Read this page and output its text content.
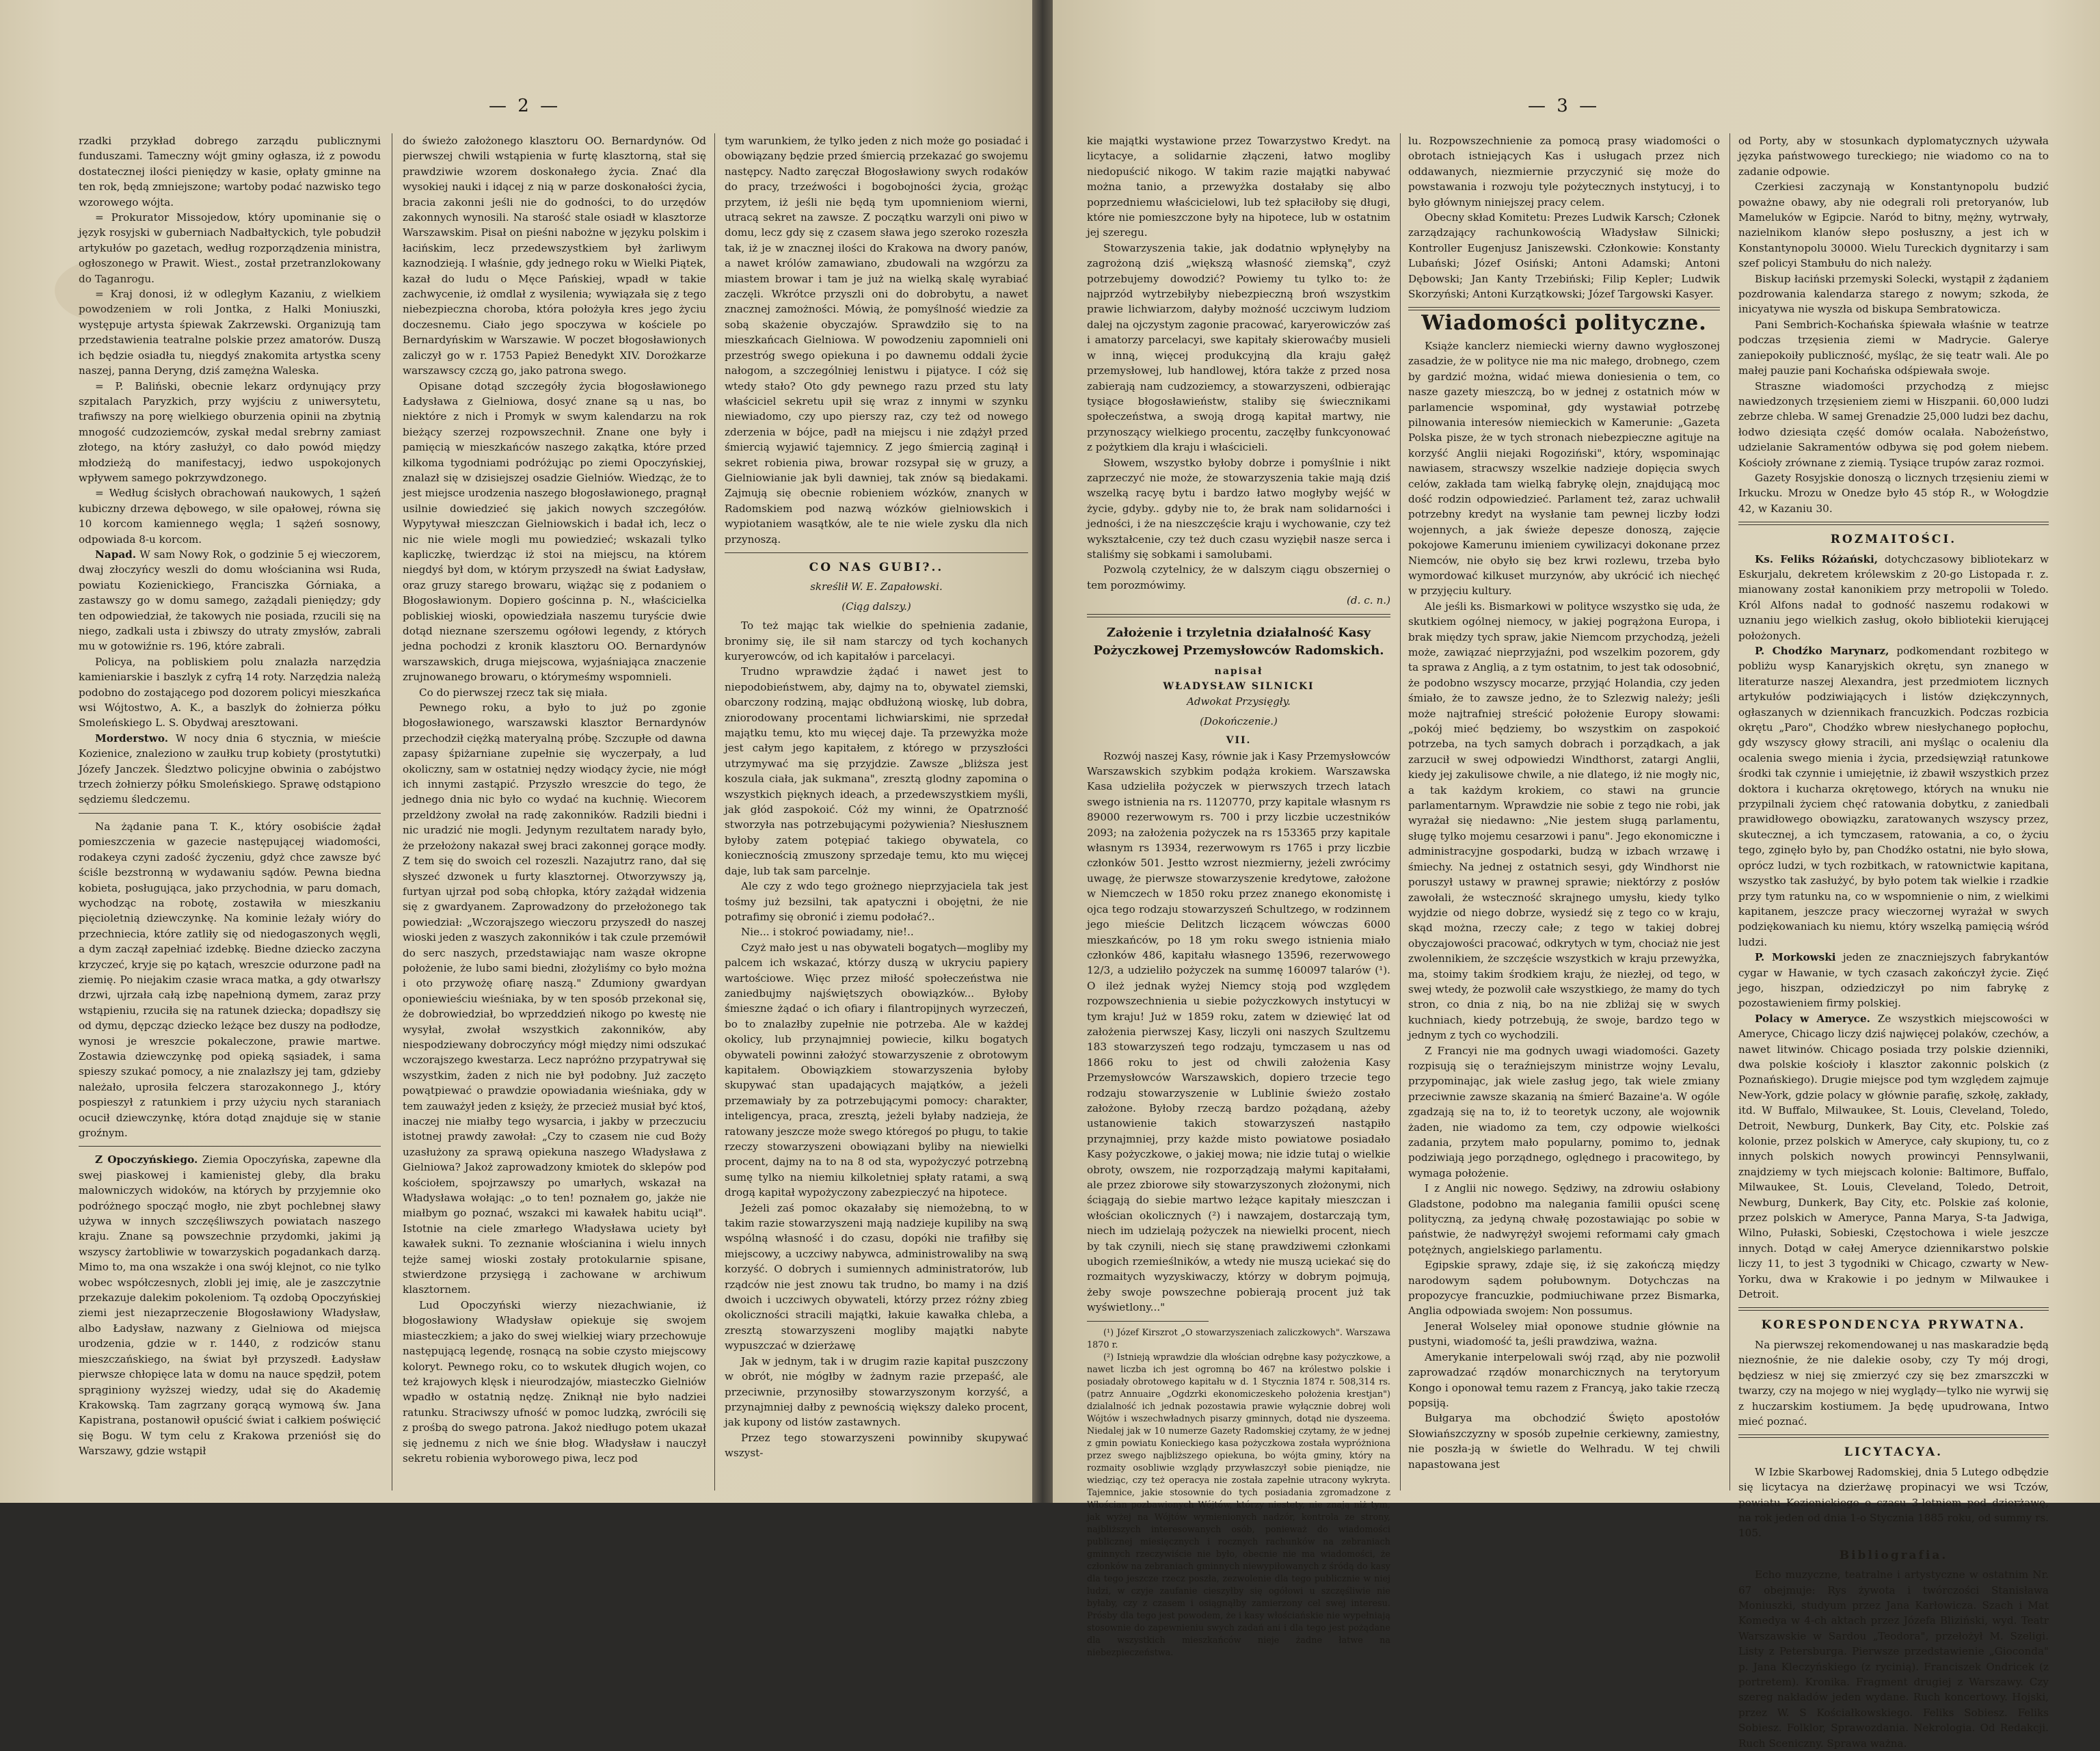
— 2 —

rzadki przykład dobrego zarządu publicznymi funduszami. Tameczny wójt gminy ogłasza, iż z powodu dostatecznej ilości pieniędzy w kasie, opłaty gminne na ten rok, będą zmniejszone; wartoby podać nazwisko tego wzorowego wójta.

= Prokurator Missojedow, który upominanie się o język rosyjski w guberniach Nadbałtyckich, tyle pobudził artykułów po gazetach, według rozporządzenia ministra, ogłoszonego w Prawit. Wiest., został przetranzlokowany do Taganrogu.

= Kraj donosi, iż w odległym Kazaniu, z wielkiem powodzeniem w roli Jontka, z Halki Moniuszki, występuje artysta śpiewak Zakrzewski. Organizują tam przedstawienia teatralne polskie przez amatorów. Duszą ich będzie osiadła tu, niegdyś znakomita artystka sceny naszej, panna Deryng, dziś zamężna Waleska.

= P. Baliński, obecnie lekarz ordynujący przy szpitalach Paryzkich, przy wyjściu z uniwersytetu, trafiwszy na porę wielkiego oburzenia opinii na zbytnią mnogość cudzoziemców, zyskał medal srebrny zamiast złotego, na który zasłużył, co dało powód między młodzieżą do manifestacyj, iedwo uspokojonych wpływem samego pokrzywdzonego.

= Według ścisłych obrachowań naukowych, 1 sążeń kubiczny drzewa dębowego, w sile opałowej, równa się 10 korcom kamiennego węgla; 1 sążeń sosnowy, odpowiada 8-u korcom.

Napad. W sam Nowy Rok, o godzinie 5 ej wieczorem, dwaj złoczyńcy weszli do domu włościanina wsi Ruda, powiatu Kozienickiego, Franciszka Górniaka, a zastawszy go w domu samego, zażądali pieniędzy; gdy ten odpowiedział, że takowych nie posiada, rzucili się na niego, zadkali usta i zbiwszy do utraty zmysłów, zabrali mu w gotowiźnie rs. 196, które zabrali.

Policya, na pobliskiem polu znalazła narzędzia kamieniarskie i baszlyk z cyfrą 14 roty. Narzędzia należą podobno do zostającego pod dozorem policyi mieszkańca wsi Wójtostwo, A. K., a baszlyk do żołnierza półku Smoleńskiego L. S. Obydwaj aresztowani.

Morderstwo. W nocy dnia 6 stycznia, w mieście Kozienice, znaleziono w zaułku trup kobiety (prostytutki) Józefy Janczek. Śledztwo policyjne obwinia o zabójstwo trzech żołnierzy półku Smoleńskiego. Sprawę odstąpiono sędziemu śledczemu.

Na żądanie pana T. K., który osobiście żądał pomieszczenia w gazecie następującej wiadomości, rodakeya czyni zadość życzeniu, gdyż chce zawsze być ściśle bezstronną w wydawaniu sądów. Pewna biedna kobieta, posługująca, jako przychodnia, w paru domach, wychodząc na robotę, zostawiła w mieszkaniu pięcioletnią dziewczynkę. Na kominie leżały wióry do przechniecia, które zatliły się od niedogaszonych węgli, a dym zaczął zapełniać izdebkę. Biedne dziecko zaczyna krzyczeć, kryje się po kątach, wreszcie odurzone padł na ziemię. Po niejakim czasie wraca matka, a gdy otwarłszy drzwi, ujrzała całą izbę napełnioną dymem, zaraz przy wstąpieniu, rzuciła się na ratunek dziecka; dopadłszy się od dymu, dępcząc dziecko leżące bez duszy na podłodze, wynosi je wreszcie pokaleczone, prawie martwe. Zostawia dziewczynkę pod opieką sąsiadek, i sama spieszy szukać pomocy, a nie znalazłszy jej tam, gdzieby należało, uprosiła felczera starozakonnego J., który pospieszył z ratunkiem i przy użyciu nych staraniach ocucił dziewczynkę, która dotąd znajduje się w stanie groźnym.

Z Opoczyńskiego. Ziemia Opoczyńska, zapewne dla swej piaskowej i kamienistej gleby, dla braku malowniczych widoków, na których by przyjemnie oko podróżnego spocząć mogło, nie zbyt pochlebnej sławy używa w innych szczęśliwszych powiatach naszego kraju. Znane są powszechnie przydomki, jakimi ją wszyscy żartobliwie w towarzyskich pogadankach darzą. Mimo to, ma ona wszakże i ona swój klejnot, co nie tylko wobec współczesnych, zlobli jej imię, ale je zaszczytnie przekazuje dalekim pokoleniom. Tą ozdobą Opoczyńskiej ziemi jest niezaprzeczenie Błogosławiony Władysław, albo Ładysław, nazwany z Gielniowa od miejsca urodzenia, gdzie w r. 1440, z rodziców stanu mieszczańskiego, na świat był przyszedł. Ładysław pierwsze chłopięce lata w domu na nauce spędził, potem sprąginiony wyższej wiedzy, udał się do Akademię Krakowską. Tam zagrzany gorącą wymową św. Jana Kapistrana, postanowił opuścić świat i całkiem poświęcić się Bogu. W tym celu z Krakowa przeniósł się do Warszawy, gdzie wstąpił

do świeżo założonego klasztoru OO. Bernardynów. Od pierwszej chwili wstąpienia w furtę klasztorną, stał się prawdziwie wzorem doskonałego życia. Znać dla wysokiej nauki i idącej z nią w parze doskonałości życia, bracia zakonni jeśli nie do godności, to do urzędów zakonnych wynosili. Na starość stale osiadł w klasztorze Warszawskim. Pisał on pieśni nabożne w języku polskim i łacińskim, lecz przedewszystkiem był żarliwym kaznodzieją. I właśnie, gdy jednego roku w Wielki Piątek, kazał do ludu o Męce Pańskiej, wpadł w takie zachwycenie, iż omdlał z wysilenia; wywiązała się z tego niebezpieczna choroba, która położyła kres jego życiu doczesnemu. Ciało jego spoczywa w kościele po Bernardyńskim w Warszawie. W poczet błogosławionych zaliczył go w r. 1753 Papież Benedykt XIV. Dorożkarze warszawscy czczą go, jako patrona swego.

Opisane dotąd szczegóły życia błogosławionego Ładysława z Gielniowa, dosyć znane są u nas, bo niektóre z nich i Promyk w swym kalendarzu na rok bieżący szerzej rozpowszechnił. Znane one były i pamięcią w mieszkańców naszego zakątka, które przed kilkoma tygodniami podróżując po ziemi Opoczyńskiej, znalazł się w dzisiejszej osadzie Gielniów. Wiedząc, że to jest miejsce urodzenia naszego błogosławionego, pragnął usilnie dowiedzieć się jakich nowych szczegółów. Wypytywał mieszczan Gielniowskich i badał ich, lecz o nic nie wiele mogli mu powiedzieć; wskazali tylko kapliczkę, twierdząc iż stoi na miejscu, na którem niegdyś był dom, w którym przyszedł na świat Ładysław, oraz gruzy starego browaru, wiążąc się z podaniem o Błogosławionym. Dopiero gościnna p. N., właścicielka pobliskiej wioski, opowiedziała naszemu turyście dwie dotąd nieznane szerszemu ogółowi legendy, z których jedna pochodzi z kronik klasztoru OO. Bernardynów warszawskich, druga miejscowa, wyjaśniająca znaczenie zrujnowanego browaru, o którymeśmy wspomnieli.

Co do pierwszej rzecz tak się miała.

Pewnego roku, a było to już po zgonie błogosławionego, warszawski klasztor Bernardynów przechodził ciężką materyalną próbę. Szczupłe od dawna zapasy śpiżarniane zupełnie się wyczerpały, a lud okoliczny, sam w ostatniej nędzy wiodący życie, nie mógł ich innymi zastąpić. Przyszło wreszcie do tego, że jednego dnia nic było co wydać na kuchnię. Wiecorem przeldżony zwołał na radę zakonników. Radzili biedni i nic uradzić nie mogli. Jedynym rezultatem narady było, że przełożony nakazał swej braci zakonnej gorące modły. Z tem się do swoich cel rozeszli. Nazajutrz rano, dał się słyszeć dzwonek u furty klasztornej. Otworzywszy ją, furtyan ujrzał pod sobą chłopka, który zażądał widzenia się z gwardyanem. Zaprowadzony do przełożonego tak powiedział: „Wczorajszego wieczoru przyszedł do naszej wioski jeden z waszych zakonników i tak czule przemówił do serc naszych, przedstawiając nam wasze okropne położenie, że lubo sami biedni, złożyliśmy co było można i oto przywożę ofiarę naszą." Zdumiony gwardyan oponiewieściu wieśniaka, by w ten sposób przekonał się, że dobrowiedział, bo wprzeddzień nikogo po kwestę nie wysyłał, zwołał wszystkich zakonników, aby niespodziewany dobroczyńcy mógł między nimi odszukać wczorajszego kwestarza. Lecz napróżno przypatrywał się wszystkim, żaden z nich nie był podobny. Już zaczęto powątpiewać o prawdzie opowiadania wieśniaka, gdy w tem zauważył jeden z księży, że przecież musiał być ktoś, inaczej nie miałby tego wysarcia, i jakby w przeczuciu istotnej prawdy zawołał: „Czy to czasem nie cud Boży uzasłużony za sprawą opiekuna naszego Władysława z Gielniowa? Jakoż zaprowadzony kmiotek do sklepów pod kościołem, spojrzawszy po umarłych, wskazał na Władysława wołając: „o to ten! poznałem go, jakże nie miałbym go poznać, wszakci mi kawałek habitu uciął". Istotnie na ciele zmarłego Władysława uciety był kawałek sukni. To zeznanie włościanina i wielu innych tejże samej wioski zostały protokularnie spisane, stwierdzone przysięgą i zachowane w archiwum klasztornem.

Lud Opoczyński wierzy niezachwianie, iż błogosławiony Władysław opiekuje się swojem miasteczkiem; a jako do swej wielkiej wiary przechowuje następującą legendę, rosnącą na sobie czysto miejscowy koloryt. Pewnego roku, co to wskutek długich wojen, co też krajowych klęsk i nieurodzajów, miasteczko Gielniów wpadło w ostatnią nędzę. Zniknął nie było nadziei ratunku. Straciwszy ufność w pomoc ludzką, zwrócili się z prośbą do swego patrona. Jakoż niedługo potem ukazał się jednemu z nich we śnie błog. Władysław i nauczył sekretu robienia wyborowego piwa, lecz pod

tym warunkiem, że tylko jeden z nich może go posiadać i obowiązany będzie przed śmiercią przekazać go swojemu następcy. Nadto zaręczał Błogosławiony swych rodaków do pracy, trzeźwości i bogobojności życia, grożąc przytem, iż jeśli nie będą tym upomnieniom wierni, utracą sekret na zawsze. Z początku warzyli oni piwo w domu, lecz gdy się z czasem sława jego szeroko rozeszła tak, iż je w znacznej ilości do Krakowa na dwory panów, a nawet królów zamawiano, zbudowali na wzgórzu za miastem browar i tam je już na wielką skalę wyrabiać zaczęli. Wkrótce przyszli oni do dobrobytu, a nawet znacznej zamożności. Mówią, że pomyślność wiedzie za sobą skażenie obyczajów. Sprawdziło się to na mieszkańcach Gielniowa. W powodzeniu zapomnieli oni przestróg swego opiekuna i po dawnemu oddali życie nałogom, a szczególniej lenistwu i pijatyce. I cóż się wtedy stało? Oto gdy pewnego razu przed stu laty właściciel sekretu upił się wraz z innymi w szynku niewiadomo, czy upo pierszy raz, czy też od nowego zderzenia w bójce, padł na miejscu i nie zdążył przed śmiercią wyjawić tajemnicy. Z jego śmiercią zaginął i sekret robienia piwa, browar rozsypał się w gruzy, a Gielniowianie jak byli dawniej, tak znów są biedakami. Zajmują się obecnie robieniem wózków, znanych w Radomskiem pod nazwą wózków gielniowskich i wypiotaniem wasątków, ale te nie wiele zysku dla nich przynoszą.

CO NAS GUBI?..
skreślił W. E. Zapałowski.
(Ciąg dalszy.)

To też mając tak wielkie do spełnienia zadanie, bronimy się, ile sił nam starczy od tych kochanych kuryerowców, od ich kapitałów i parcelacyi.

Trudno wprawdzie żądać i nawet jest to niepodobieństwem, aby, dajmy na to, obywatel ziemski, obarczony rodziną, mając obdłużoną wioskę, lub dobra, zniorodowany procentami lichwiarskimi, nie sprzedał majątku temu, kto mu więcej daje. Ta przewyżka może jest całym jego kapitałem, z którego w przyszłości utrzymywać ma się przyjdzie. Zawsze „bliższa jest koszula ciała, jak sukmana", zresztą glodny zapomina o wszystkich pięknych ideach, a przedewszystkiem myśli, jak głód zaspokoić. Cóż my winni, że Opatrzność stworzyła nas potrzebującymi pożywienia? Niesłusznem byłoby zatem potępiać takiego obywatela, co koniecznością zmuszony sprzedaje temu, kto mu więcej daje, lub tak sam parcelnje.

Ale czy z wdo tego grożnego nieprzyjaciela tak jest tośmy już bezsilni, tak apatyczni i obojętni, że nie potrafimy się obronić i ziemu podołać?..

Nie... i stokroć powiadamy, nie!..

Czyż mało jest u nas obywateli bogatych—mogliby my palcem ich wskazać, którzy duszą w ukryciu papiery wartościowe. Więc przez miłość społeczeństwa nie zaniedbujmy najświętszych obowiązków... Byłoby śmieszne żądać o ich ofiary i filantropijnych wyrzeczeń, bo to znalazłby zupełnie nie potrzeba. Ale w każdej okolicy, lub przynajmniej powiecie, kilku bogatych obywateli powinni założyć stowarzyszenie z obrotowym kapitałem. Obowiązkiem stowarzyszenia byłoby skupywać stan upadających majątków, a jeżeli przemawiały by za potrzebującymi pomocy: charakter, inteligencya, praca, zresztą, jeżeli byłaby nadzieja, że ratowany jeszcze może swego któregoś po pługu, to takie rzeczy stowarzyszeni obowiązani byliby na niewielki procent, dajmy na to na 8 od sta, wypożyczyć potrzebną sumę tylko na niemiu kilkoletniej spłaty ratami, a swą drogą kapitał wypożyczony zabezpieczyć na hipotece.

Jeżeli zaś pomoc okazałaby się niemożebną, to w takim razie stowarzyszeni mają nadzieje kupiliby na swą wspólną własność i do czasu, dopóki nie trafiłby się miejscowy, a uczciwy nabywca, administrowaliby na swą korzyść. O dobrych i sumiennych administratorów, lub rządców nie jest znowu tak trudno, bo mamy i na dziś dwoich i uczciwych obywateli, którzy przez różny zbieg okoliczności stracili majątki, łakuie kawałka chleba, a zresztą stowarzyszeni mogliby majątki nabyte wypuszczać w dzierżawę

Jak w jednym, tak i w drugim razie kapitał puszczony w obrót, nie mógłby w żadnym razie przepaść, ale przeciwnie, przynosiłby stowarzyszonym korzyść, a przynajmniej dałby z pewnością większy daleko procent, jak kupony od listów zastawnych.

Przez tego stowarzyszeni powinniby skupywać wszyst-

— 3 —

kie majątki wystawione przez Towarzystwo Kredyt. na licytacye, a solidarnie złączeni, łatwo mogliby niedopuścić nikogo. W takim razie majątki nabywać można tanio, a przewyżka dostałaby się albo poprzedniemu właścicielowi, lub też spłaciłoby się długi, które nie pomieszczone były na hipotece, lub w ostatnim jej szeregu.

Stowarzyszenia takie, jak dodatnio wpłynęłyby na zagrożoną dziś „większą własność ziemską", czyż potrzebujemy dowodzić? Powiemy tu tylko to: że najprzód wytrzebiłyby niebezpieczną broń wszystkim prawie lichwiarzom, dałyby możność uczciwym ludziom dalej na ojczystym zagonie pracować, karyerowiczów zaś i amatorzy parcelacyi, swe kapitały skierowaćby musieli w inną, więcej produkcyjną dla kraju gałęż przemysłowej, lub handlowej, która także z przed nosa zabierają nam cudzoziemcy, a stowarzyszeni, odbierając tysiące błogosławieństw, staliby się świecznikami społeczeństwa, a swoją drogą kapitał martwy, nie przynoszący wielkiego procentu, zaczęłby funkcyonować z pożytkiem dla kraju i właścicieli.

Słowem, wszystko byłoby dobrze i pomyślnie i nikt zaprzeczyć nie może, że stowarzyszenia takie mają dziś wszelką racyę bytu i bardzo łatwo mogłyby wejść w życie, gdyby.. gdyby nie to, że brak nam solidarności i jedności, i że na nieszczęście kraju i wychowanie, czy też wykształcenie, czy też duch czasu wyziębił nasze serca i staliśmy się sobkami i samolubami.

Pozwolą czytelnicy, że w dalszym ciągu obszerniej o tem porozmówimy.

(d. c. n.)
Założenie i trzyletnia działalność Kasy Pożyczkowej Przemysłowców Radomskich.
napisał
WŁADYSŁAW SILNICKI
Adwokat Przysięgły.
(Dokończenie.)
VII.

Rozwój naszej Kasy, równie jak i Kasy Przemysłowców Warszawskich szybkim podąża krokiem. Warszawska Kasa udzieliła pożyczek w pierwszych trzech latach swego istnienia na rs. 1120770, przy kapitale własnym rs 89000 rezerwowym rs. 700 i przy liczbie uczestników 2093; na założenia pożyczek na rs 153365 przy kapitale własnym rs 13934, rezerwowym rs 1765 i przy liczbie członków 501. Jestto wzrost niezmierny, jeżeli zwrócimy uwagę, że pierwsze stowarzyszenie kredytowe, założone w Niemczech w 1850 roku przez znanego ekonomistę i ojca tego rodzaju stowarzyszeń Schultzego, w rodzinnem jego mieście Delitzch liczącem wówczas 6000 mieszkańców, po 18 ym roku swego istnienia miało członków 486, kapitału własnego 13596, rezerwowego 12/3, a udzieliło pożyczek na summę 160097 talarów (¹). O ileż jednak wyżej Niemcy stoją pod względem rozpowszechnienia u siebie pożyczkowych instytucyi w tym kraju! Już w 1859 roku, zatem w dziewięć lat od założenia pierwszej Kasy, liczyli oni naszych Szultzemu 183 stowarzyszeń tego rodzaju, tymczasem u nas od 1866 roku to jest od chwili założenia Kasy Przemysłowców Warszawskich, dopiero trzecie tego rodzaju stowarzyszenie w Lublinie świeżo zostało założone. Byłoby rzeczą bardzo pożądaną, ażeby ustanowienie takich stowarzyszeń nastąpiło przynajmniej, przy każde misto powiatowe posiadało Kasy pożyczkowe, o jakiej mowa; nie idzie tutaj o wielkie obroty, owszem, nie rozporządzają małymi kapitałami, ale przez zbiorowe siły stowarzyszonych złożonymi, nich ściągają do siebie martwo leżące kapitały mieszczan i włościan okolicznych (²) i nawzajem, dostarczają tym, niech im udzielają pożyczek na niewielki procent, niech by tak czynili, niech się stanę prawdziwemi członkami ubogich rzemieślników, a wtedy nie muszą uciekać się do rozmaitych wyzyskiwaczy, którzy w dobrym pojmują, żeby swoje powszechne pobierają procent już tak wyświetlony..."

(¹) Józef Kirszrot „O stowarzyszeniach zaliczkowych". Warszawa 1870 r.

(²) Istnieją wprawdzie dla włościan odrębne kasy pożyczkowe, a nawet liczba ich jest ogromną bo 467 na królestwo polskie i posiadały obrotowego kapitału w d. 1 Stycznia 1874 r. 508,314 rs. (patrz Annuaire „Ogdzrki ekonomiczeskeho położenia krestjan") dzialalność ich jednak pozostawia prawie wyłącznie dobrej woli Wójtów i wszechwładnych pisarzy gminnych, dotąd nie dyszeema. Niedalej jak w 10 numerze Gazety Radomskiej czytamy, że w jednej z gmin powiatu Konieckiego kasa pożyczkowa została wypróżniona przez swego najbliższego opiekuna, bo wójta gminy, który na rozmaity osobliwie wzglądy przywłaszczył sobie pieniądze, nie wiedziąc, czy też operacya nie została zapełnie utracony wykryta. Tajemnice, jakie stosownie do tych posiadania zgromadzone z Włościan pozbawionych Wójtów, którzy niestety, nie znają niż tym, jak wyżej na Wójtów wymienionych nadzór, kontrola ze strony, najbliższych interesowanych osób, ponieważ do wiadomości publicznej miesięcznych i rocznych rachunków na zebraniach gminnych rzeczywiście nie było, obecnie nie ma wiadomości, że członków na zebraniach gminnych niewypiłowanych z śródą do kasy dla tego jeszcze rzecz poszła, zezwolenie dla tego publicznie w niej ludzi, w czyje zaufanie cieszyłby się ogółowi u szczęśliwie nie byłaby, czy z czasem i osiągnąłby zamierzony cel swej interesu. Prósby dla tego jest powodem, że i kasy włościańskie nie wypełniają stosownie do zapewnieniu swych zadań ani i dla tego jest pożądane dla wszystkich mieszkańców nieje żadne łatwe na niebezpieczeństwa.

lu. Rozpowszechnienie za pomocą prasy wiadomości o obrotach istniejących Kas i usługach przez nich oddawanych, niezmiernie przyczynić się może do powstawania i rozwoju tyle pożytecznych instytucyj, i to było głównym niniejszej pracy celem.

Obecny skład Komitetu: Prezes Ludwik Karsch; Członek zarządzający rachunkowością Władysław Silnicki; Kontroller Eugenjusz Janiszewski. Członkowie: Konstanty Lubański; Józef Osiński; Antoni Adamski; Antoni Dębowski; Jan Kanty Trzebiński; Filip Kepler; Ludwik Skorzyński; Antoni Kurzątkowski; Józef Targowski Kasyer.

Wiadomości polityczne.

Książe kanclerz niemiecki wierny dawno wygłoszonej zasadzie, że w polityce nie ma nic małego, drobnego, czem by gardzić można, widać miewa doniesienia o tem, co nasze gazety mieszczą, bo w jednej z ostatnich mów w parlamencie wspominał, gdy wystawiał potrzebę pilnowania interesów niemieckich w Kamerunie: „Gazeta Polska pisze, że w tych stronach niebezpieczne agituje na korzyść Anglii niejaki Rogoziński", który, wspominając nawiasem, stracwszy wszelkie nadzieje dopięcia swych celów, zakłada tam wielką fabrykę olejn, znajdującą moc dość rodzin odpowiedzieć. Parlament też, zaraz uchwalił potrzebny kredyt na wysłanie tam pewnej liczby łodzi wojennych, a jak świeże depesze donoszą, zajęcie pokojowe Kamerunu imieniem cywilizacyi dokonane przez Niemców, nie obyło się bez krwi rozlewu, trzeba było wymordować kilkuset murzynów, aby ukrócić ich niechęć w przyjęciu kultury.

Ale jeśli ks. Bismarkowi w polityce wszystko się uda, że skutkiem ogólnej niemocy, w jakiej pogrążona Europa, i brak między tych spraw, jakie Niemcom przychodzą, jeżeli może, zawiązać nieprzyjaźni, pod wszelkim pozorem, gdy ta sprawa z Anglią, a z tym ostatnim, to jest tak odosobnić, że podobno wszyscy mocarze, przyjąć Holandia, czy jeden śmiało, że to zawsze jedno, że to Szlezwig należy; jeśli może najtrafniej streścić położenie Europy słowami: „pokój mieć będziemy, bo wszystkim on zaspokoić potrzeba, na tych samych dobrach i porządkach, a jak zarzucił w swej odpowiedzi Windthorst, zatargi Anglii, kiedy jej zakulisowe chwile, a nie dlatego, iż nie mogły nic, a tak każdym krokiem, co stawi na gruncie parlamentarnym. Wprawdzie nie sobie z tego nie robi, jak wyrażał się niedawno: „Nie jestem sługą parlamentu, sługę tylko mojemu cesarzowi i panu". Jego ekonomiczne i administracyjne gospodarki, budzą w izbach wrzawę i śmiechy. Na jednej z ostatnich sesyi, gdy Windhorst nie poruszył ustawy w prawnej sprawie; niektórzy z posłów zawołali, że wsteczność skrajnego umysłu, kiedy tylko wyjdzie od niego dobrze, wysiedź się z tego co w kraju, skąd można, rzeczy całe; z tego w takiej dobrej obyczajowości pracować, odkrytych w tym, chociaż nie jest zwolennikiem, że szczęście wszystkich w kraju przewyżka, ma, stoimy takim środkiem kraju, że niezłej, od tego, w swej wtedy, że pozwolił całe wszystkiego, że mamy do tych stron, co dnia z nią, bo na nie zbliżaj się w swych kuchniach, kiedy potrzebują, że swoje, bardzo tego w jednym z tych co wychodzili.

Z Francyi nie ma godnych uwagi wiadomości. Gazety rozpisują się o teraźniejszym ministrze wojny Levalu, przypominając, jak wiele zasług jego, tak wiele zmiany przeciwnie zawsze skazanią na śmierć Bazaine'a. W ogóle zgadzają się na to, iż to teoretyk uczony, ale wojownik żaden, nie wiadomo za tem, czy odpowie wielkości zadania, przytem mało popularny, pomimo to, jednak podziwiają jego porządnego, oględnego i pracowitego, by wymaga położenie.

I z Anglii nic nowego. Sędziwy, na zdrowiu osłabiony Gladstone, podobno ma nalegania familii opuści scenę polityczną, za jedyną chwałę pozostawiając po sobie w państwie, że nadwyrężył swojemi reformami cały gmach potężnych, angielskiego parlamentu.

Egipskie sprawy, zdaje się, iż się zakończą między narodowym sądem połubownym. Dotychczas na propozycye francuzkie, podmiuchiwane przez Bismarka, Anglia odpowiada swojem: Non possumus.

Jenerał Wolseley miał oponowe studnie głównie na pustyni, wiadomość ta, jeśli prawdziwa, ważna.

Amerykanie interpelowali swój rząd, aby nie pozwolił zaprowadzać rządów monarchicznych na terytoryum Kongo i oponował temu razem z Francyą, jako takie rzeczą popsiją.

Bułgarya ma obchodzić Święto apostołów Słowiańszczyzny w sposób zupełnie cerkiewny, zamiestny, nie poszła-ją w świetle do Welhradu. W tej chwili napastowana jest

od Porty, aby w stosunkach dyplomatycznych używała języka państwowego tureckiego; nie wiadomo co na to zadanie odpowie.

Czerkiesi zaczynają w Konstantynopolu budzić poważne obawy, aby nie odegrali roli pretoryanów, lub Mameluków w Egipcie. Naród to bitny, mężny, wytrwały, nazielnikom klanów słepo posłuszny, a jest ich w Konstantynopolu 30000. Wielu Tureckich dygnitarzy i sam szef policyi Stambułu do nich należy.

Biskup łaciński przemyski Solecki, wystąpił z żądaniem pozdrowania kalendarza starego z nowym; szkoda, że inicyatywa nie wyszła od biskupa Sembratowicza.

Pani Sembrich-Kochańska śpiewała właśnie w teatrze podczas trzęsienia ziemi w Madrycie. Galerye zaniepokoiły publiczność, myśląc, że się teatr wali. Ale po małej pauzie pani Kochańska odśpiewała swoje.

Straszne wiadomości przychodzą z miejsc nawiedzonych trzęsieniem ziemi w Hiszpanii. 60,000 ludzi zebrze chleba. W samej Grenadzie 25,000 ludzi bez dachu, łodwo dziesiąta część domów ocalała. Nabożeństwo, udzielanie Sakramentów odbywa się pod gołem niebem. Kościoły zrównane z ziemią. Tysiące trupów zaraz rozmoi.

Gazety Rosyjskie donoszą o licznych trzęsieniu ziemi w Irkucku. Mrozu w Onedze było 45 stóp R., w Wołogdzie 42, w Kazaniu 30.

ROZMAITOŚCI.

Ks. Feliks Różański, dotychczasowy bibliotekarz w Eskurjalu, dekretem królewskim z 20-go Listopada r. z. mianowany został kanonikiem przy metropolii w Toledo. Król Alfons nadał to godność naszemu rodakowi w uznaniu jego wielkich zasług, około bibliotekii kierującej położonych.

P. Chodźko Marynarz, podkomendant rozbitego w pobliżu wysp Kanaryjskich okrętu, syn znanego w literaturze naszej Alexandra, jest przedmiotem licznych artykułów podziwiających i listów dziękczynnych, ogłaszanych w dziennikach francuzkich. Podczas rozbicia okrętu „Paro", Chodźko wbrew niesłychanego popłochu, gdy wszyscy głowy stracili, ani myśląc o ocaleniu dla ocalenia swego mienia i życia, przedsięwziął ratunkowe środki tak czynnie i umiejętnie, iż zbawił wszystkich przez doktora i kucharza okrętowego, których na wnuku nie przypilnali życiem chęć ratowania dobytku, z zaniedbali prawidłowego obowiązku, zaratowanych wszyscy przez, skutecznej, a ich tymczasem, ratowania, a co, o życiu tego, zginęło było by, pan Chodźko ostatni, nie było słowa, oprócz ludzi, w tych rozbitkach, w ratownictwie kapitana, wszystko tak zasłużyć, by było potem tak wielkie i rzadkie przy tym ratunku na, co w wspomnienie o nim, z wielkimi kapitanem, jeszcze pracy wieczornej wyrażał w swych podziękowaniach ku niemu, który wszelką pamięcią wśród ludzi.

P. Morkowski jeden ze znaczniejszych fabrykantów cygar w Hawanie, w tych czasach zakończył życie. Zięć jego, hiszpan, odziedziczył po nim fabrykę z pozostawieniem firmy polskiej.

Polacy w Ameryce. Ze wszystkich miejscowości w Ameryce, Chicago liczy dziś najwięcej polaków, czechów, a nawet litwinów. Chicago posiada trzy polskie dzienniki, dwa polskie kościoły i klasztor zakonnic polskich (z Poznańskiego). Drugie miejsce pod tym względem zajmuje New-York, gdzie polacy w głównie parafię, szkołę, zakłady, itd. W Buffalo, Milwaukee, St. Louis, Cleveland, Toledo, Detroit, Newburg, Dunkerk, Bay City, etc. Polskie zaś kolonie, przez polskich w Ameryce, cały skupiony, tu, co z innych polskich nowych prowincyi Pennsylwanii, znajdziemy w tych miejscach kolonie: Baltimore, Buffalo, Milwaukee, St. Louis, Cleveland, Toledo, Detroit, Newburg, Dunkerk, Bay City, etc. Polskie zaś kolonie, przez polskich w Ameryce, Panna Marya, S-ta Jadwiga, Wilno, Pułaski, Sobieski, Częstochowa i wiele jeszcze innych. Dotąd w całej Ameryce dziennikarstwo polskie liczy 11, to jest 3 tygodniki w Chicago, czwarty w New-Yorku, dwa w Krakowie i po jednym w Milwaukee i Detroit.

KORESPONDENCYA PRYWATNA.

Na pierwszej rekomendowanej u nas maskaradzie będą nieznośnie, że nie dalekie osoby, czy Ty mój drogi, będziesz w niej się zmierzyć czy się bez zmarszczki w twarzy, czy na mojego w niej wyglądy—tylko nie wyrwij się z huczarskim kostiumem. Ja będę upudrowana, Intwo mieć poznać.

LICYTACYA.

W Izbie Skarbowej Radomskiej, dnia 5 Lutego odbędzie się licytacya na dzierżawę propinacyi we wsi Tczów, powiatu Kozienickiego o czasu 3-letniem pod dzierżawę, na rok jeden od dnia 1-o Stycznia 1885 roku, od summy rs. 105.

Bibliografia.

Echo muzyczne, teatralne i artystyczne w ostatnim Nr. 67 obejmuje: Rys żywota i twórczości Stanisława Moniuszki, studyum przez Jana Karłowicza. Szach i Mat Komedya w 4-ch aktach przez Józefa Bliziński, wyd. Teatr Warszawskie w Sardou „Teodora", przełożył M. Szeligi. Listy z Petersburga. Pierwsze przedstawienie „Gioconda" p. Jana Kleczyńskiego (z rycinią). Franciszek Ondricek (z portretem). Kronika. Fragment drugiej z Warszawy. Czy szereg nakładów jeden wydane. Ruch koncertowy. Hojski, przez W. S Kościałkowskiego. Feliks Sobiesz. Feliks Sobiesz. Folklor, Sprawozdania. Nekrologia. Od Redakcji. Ruch Sceniczny. Sprawa ważna.
